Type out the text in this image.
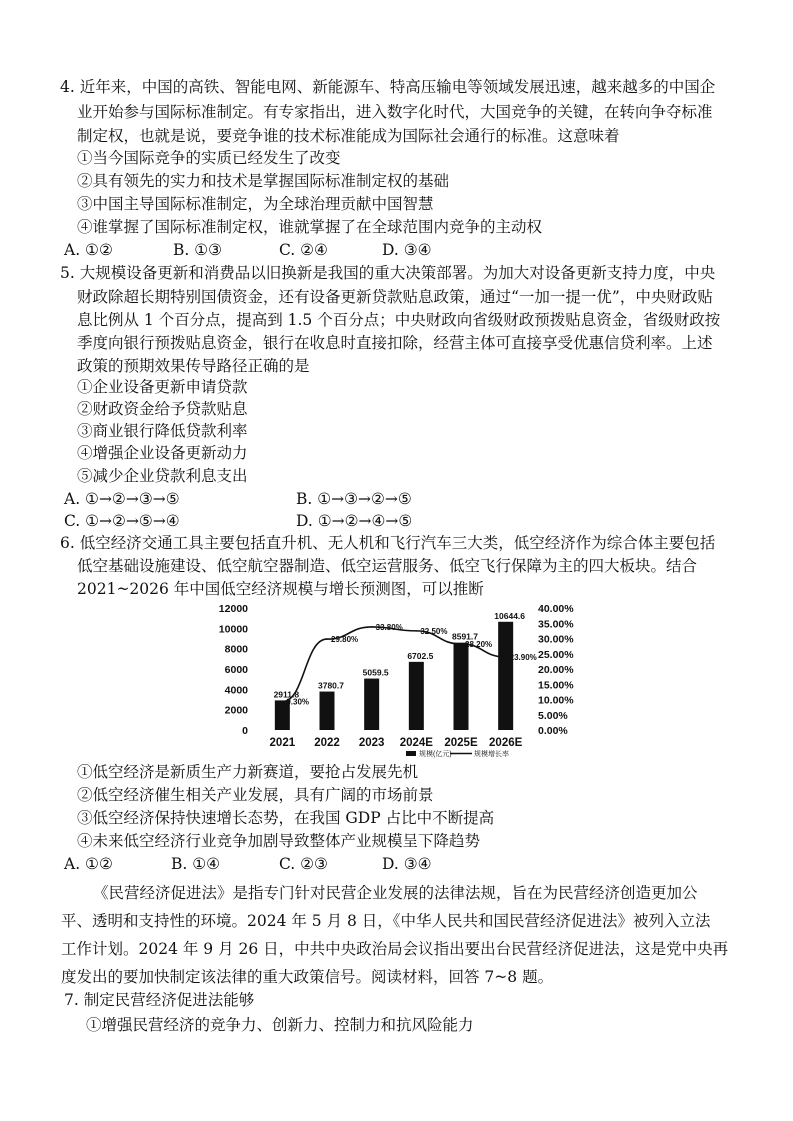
4. 近年来，中国的高铁、智能电网、新能源车、特高压输电等领域发展迅速，越来越多的中国企
业开始参与国际标准制定。有专家指出，进入数字化时代，大国竞争的关键，在转向争夺标准
制定权，也就是说，要竞争谁的技术标准能成为国际社会通行的标准。这意味着
①当今国际竞争的实质已经发生了改变
②具有领先的实力和技术是掌握国际标准制定权的基础
③中国主导国际标准制定，为全球治理贡献中国智慧
④谁掌握了国际标准制定权，谁就掌握了在全球范围内竞争的主动权
A. ①②	B. ①③	C. ②④	D. ③④
5. 大规模设备更新和消费品以旧换新是我国的重大决策部署。为加大对设备更新支持力度，中央
财政除超长期特别国债资金，还有设备更新贷款贴息政策，通过“一加一提一优”，中央财政贴
息比例从 1 个百分点，提高到 1.5 个百分点；中央财政向省级财政预拨贴息资金，省级财政按
季度向银行预拨贴息资金，银行在收息时直接扣除，经营主体可直接享受优惠信贷利率。上述
政策的预期效果传导路径正确的是
①企业设备更新申请贷款
②财政资金给予贷款贴息
③商业银行降低贷款利率
④增强企业设备更新动力
⑤减少企业贷款利息支出
A. ①→②→③→⑤	B. ①→③→②→⑤
C. ①→②→⑤→④	D. ①→②→④→⑤
6. 低空经济交通工具主要包括直升机、无人机和飞行汽车三大类，低空经济作为综合体主要包括
低空基础设施建设、低空航空器制造、低空运营服务、低空飞行保障为主的四大板块。结合
2021~2026 年中国低空经济规模与增长预测图，可以推断
2911.8
3780.7
5059.5
6702.5
8591.7
10644.6
9.30%
29.80%
33.80% 32.50%
28.20%
23.90%
12000
10000
8000
6000
4000
2000
0
40.00%
35.00%
30.00%
25.00%
20.00%
15.00%
10.00%
5.00%
0.00%
2021 2022 2023 2024E 2025E 2026E
规模(亿元)	规模增长率
①低空经济是新质生产力新赛道，要抢占发展先机
②低空经济催生相关产业发展，具有广阔的市场前景
③低空经济保持快速增长态势，在我国 GDP 占比中不断提高
④未来低空经济行业竞争加剧导致整体产业规模呈下降趋势
A. ①②	B. ①④	C. ②③	D. ③④
《民营经济促进法》是指专门针对民营企业发展的法律法规，旨在为民营经济创造更加公
平、透明和支持性的环境。2024 年 5 月 8 日，《中华人民共和国民营经济促进法》被列入立法
工作计划。2024 年 9 月 26 日，中共中央政治局会议指出要出台民营经济促进法，这是党中央再
度发出的要加快制定该法律的重大政策信号。阅读材料，回答 7~8 题。
7. 制定民营经济促进法能够
①增强民营经济的竞争力、创新力、控制力和抗风险能力
